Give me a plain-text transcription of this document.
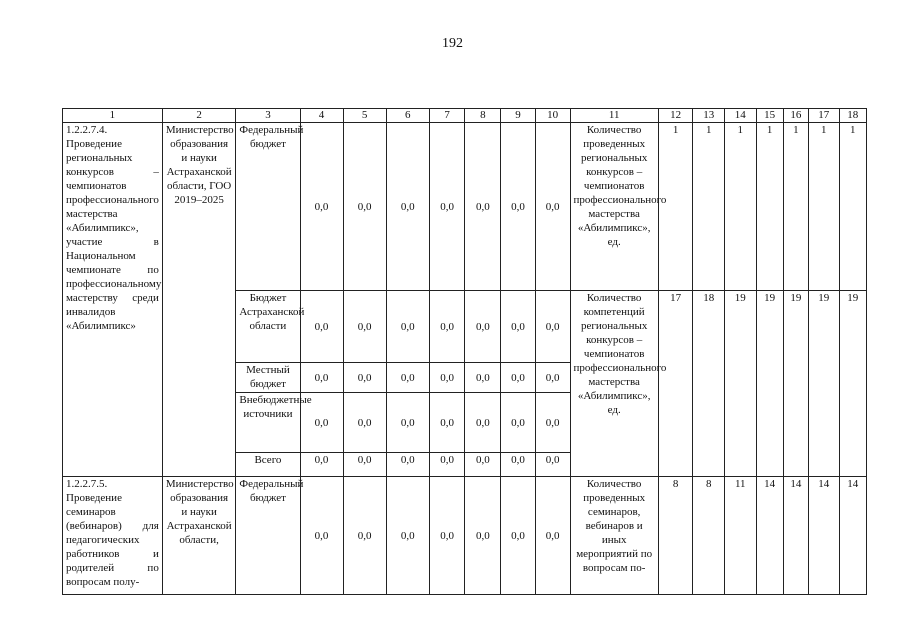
192
1	2	3	4	5	6	7	8	9	10	11	12	13	14	15	16	17	18
1.2.2.7.4. Проведение региональных конкурсов – чемпионатов профессионального мастерства «Абилимпикс», участие в Национальном чемпионате по профессиональному мастерству среди инвалидов «Абилимпикс»	Министерство образования и науки Астраханской области, ГОО 2019–2025	Федеральный бюджет	0,0	0,0	0,0	0,0	0,0	0,0	0,0	Количество проведенных региональных конкурсов – чемпионатов профессионального мастерства «Абилимпикс», ед.	1	1	1	1	1	1	1
		Бюджет Астраханской области	0,0	0,0	0,0	0,0	0,0	0,0	0,0	Количество компетенций региональных конкурсов – чемпионатов профессионального мастерства «Абилимпикс», ед.	17	18	19	19	19	19	19
		Местный бюджет	0,0	0,0	0,0	0,0	0,0	0,0	0,0								
		Внебюджетные источники	0,0	0,0	0,0	0,0	0,0	0,0	0,0								
		Всего	0,0	0,0	0,0	0,0	0,0	0,0	0,0								
1.2.2.7.5. Проведение семинаров (вебинаров) для педагогических работников и родителей по вопросам полу-	Министерство образования и науки Астраханской области,	Федеральный бюджет	0,0	0,0	0,0	0,0	0,0	0,0	0,0	Количество проведенных семинаров, вебинаров и иных мероприятий по вопросам по-	8	8	11	14	14	14	14
